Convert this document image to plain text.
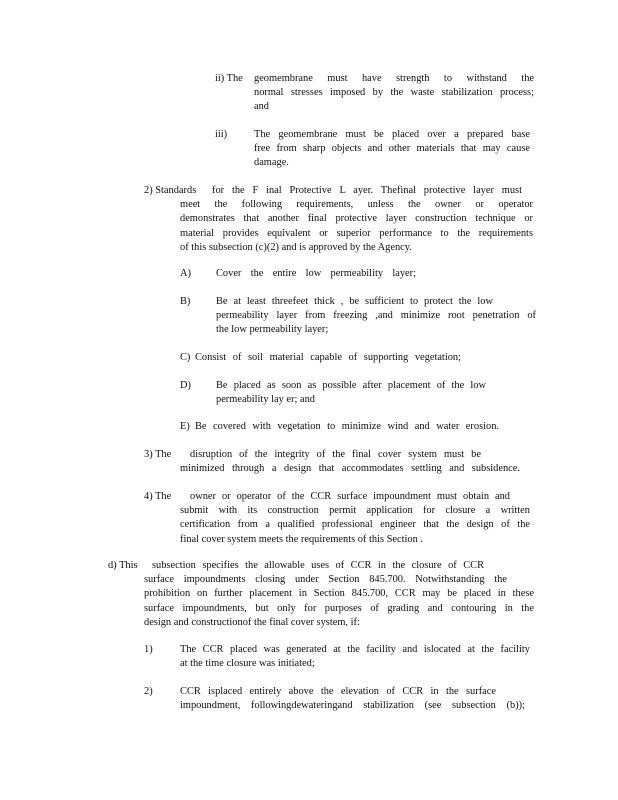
ii) The geomembrane must have strength to withstand the
normal stresses imposed by the waste stabilization process;
and
iii)	The geomembrane must be placed over a prepared base
free from sharp objects and other materials that may cause
damage.
2) Standards for the F inal Protective L ayer. Thefinal protective layer must
meet the following requirements, unless the owner or operator
demonstrates that another final protective layer construction technique or
material provides equivalent or superior performance to the requirements
of this subsection (c)(2) and is approved by the Agency.
A) Cover the entire low permeability layer;
B) Be at least threefeet thick , be sufficient to protect the low
permeability layer from freezing ,and minimize root penetration of
the low permeability layer;
C) Consist of soil material capable of supporting vegetation;
D) Be placed as soon as possible after placement of the low
permeability lay er; and
E) Be covered with vegetation to minimize wind and water erosion.
3) The disruption of the integrity of the final cover system must be
minimized through a design that accommodates settling and subsidence.
4) The owner or operator of the CCR surface impoundment must obtain and
submit with its construction permit application for closure a written
certification from a qualified professional engineer that the design of the
final cover system meets the requirements of this Section .
d) This subsection specifies the allowable uses of CCR in the closure of CCR
surface impoundments closing under Section 845.700. Notwithstanding the
prohibition on further placement in Section 845.700, CCR may be placed in these
surface impoundments, but only for purposes of grading and contouring in the
design and constructionof the final cover system, if:
1)	The CCR placed was generated at the facility and islocated at the facility
at the time closure was initiated;
2)	CCR isplaced entirely above the elevation of CCR in the surface
impoundment, followingdewateringand stabilization (see subsection (b));
